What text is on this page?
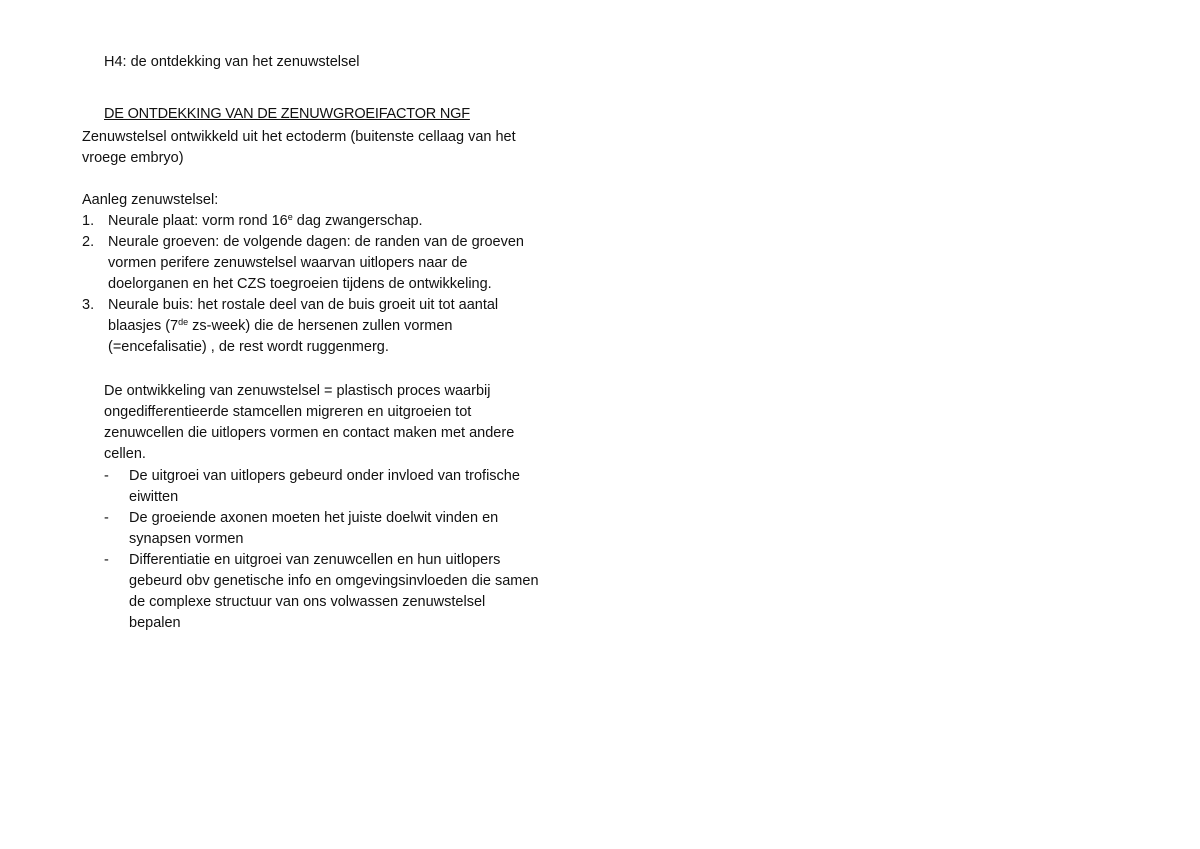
H4: de ontdekking van het zenuwstelsel
DE ONTDEKKING VAN DE ZENUWGROEIFACTOR NGF
Zenuwstelsel ontwikkeld uit het ectoderm (buitenste cellaag van het
vroege embryo)
Aanleg zenuwstelsel:
1. Neurale plaat: vorm rond 16e dag zwangerschap.
2. Neurale groeven: de volgende dagen: de randen van de groeven
vormen perifere zenuwstelsel waarvan uitlopers naar de
doelorganen en het CZS toegroeien tijdens de ontwikkeling.
3. Neurale buis: het rostale deel van de buis groeit uit tot aantal
blaasjes (7de zs-week) die de hersenen zullen vormen
(=encefalisatie) , de rest wordt ruggenmerg.
De ontwikkeling van zenuwstelsel = plastisch proces waarbij
ongedifferentieerde stamcellen migreren en uitgroeien tot
zenuwcellen die uitlopers vormen en contact maken met andere
cellen.
- De uitgroei van uitlopers gebeurd onder invloed van trofische
eiwitten
- De groeiende axonen moeten het juiste doelwit vinden en
synapsen vormen
- Differentiatie en uitgroei van zenuwcellen en hun uitlopers
gebeurd obv genetische info en omgevingsinvloeden die samen
de complexe structuur van ons volwassen zenuwstelsel
bepalen
